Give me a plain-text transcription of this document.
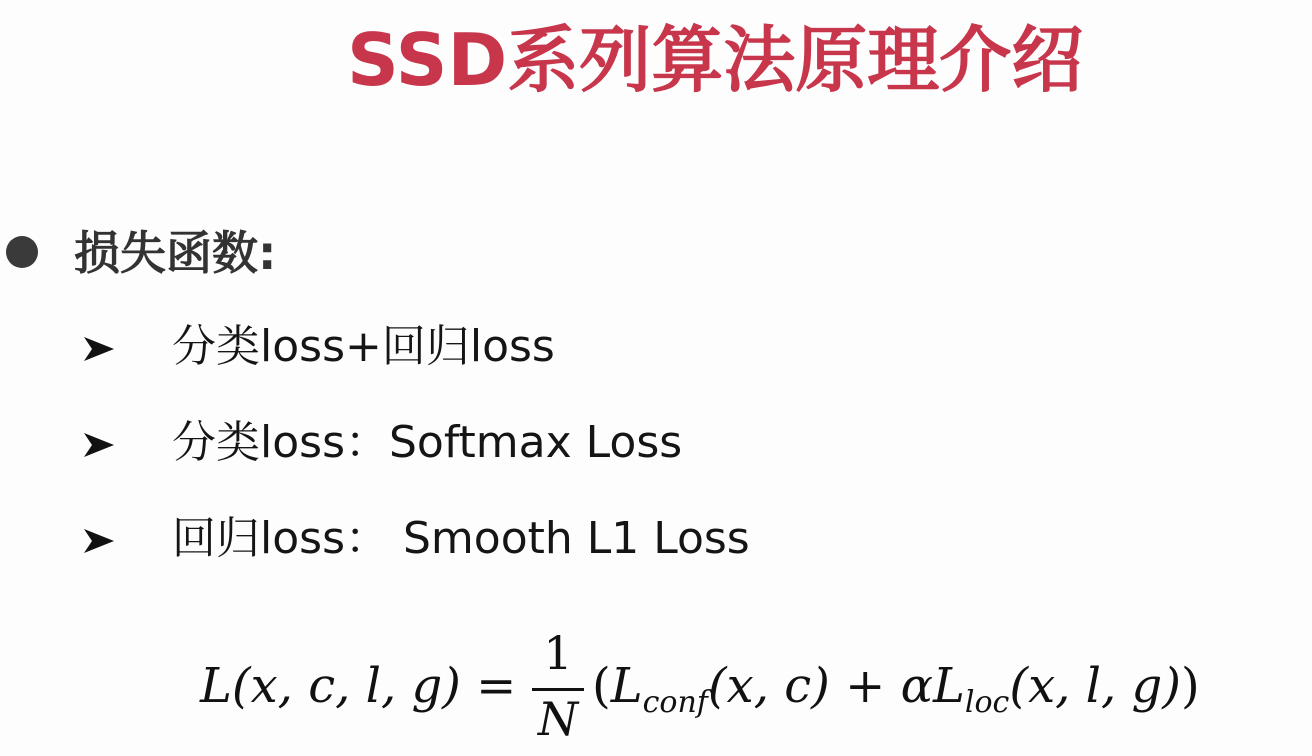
SSD系列算法原理介绍
损失函数:
分类loss+回归loss
分类loss：Softmax Loss
回归loss： Smooth L1 Loss
L(x, c, l, g) =
1
N
($L_{conf}(x$, $c) + \alpha L_{loc}(x$, l, g))
